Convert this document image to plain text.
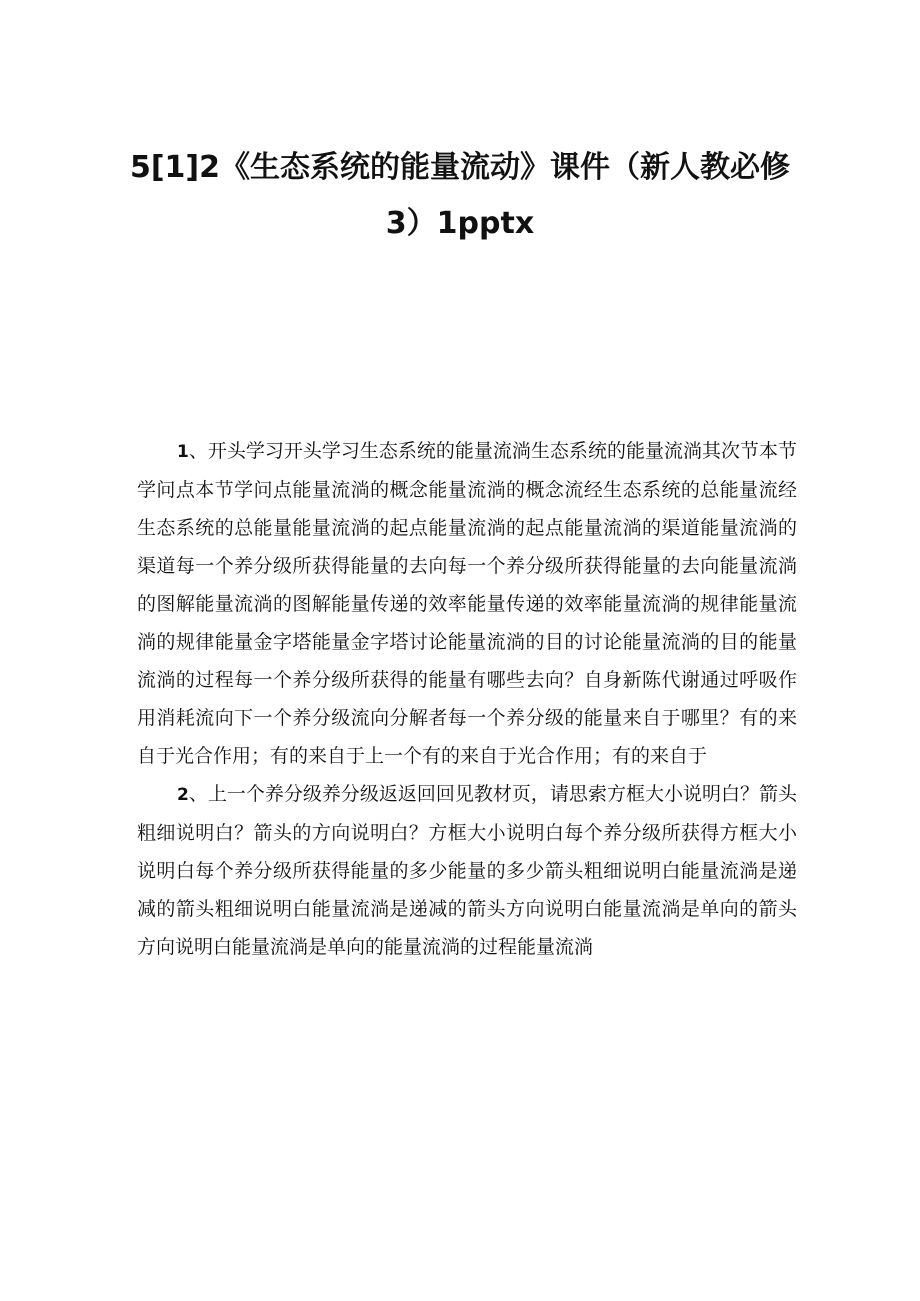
5[1]2《生态系统的能量流动》课件（新人教必修3）1pptx

1、开头学习开头学习生态系统的能量流淌生态系统的能量流淌其次节本节学问点本节学问点能量流淌的概念能量流淌的概念流经生态系统的总能量流经生态系统的总能量能量流淌的起点能量流淌的起点能量流淌的渠道能量流淌的渠道每一个养分级所获得能量的去向每一个养分级所获得能量的去向能量流淌的图解能量流淌的图解能量传递的效率能量传递的效率能量流淌的规律能量流淌的规律能量金字塔能量金字塔讨论能量流淌的目的讨论能量流淌的目的能量流淌的过程每一个养分级所获得的能量有哪些去向？自身新陈代谢通过呼吸作用消耗流向下一个养分级流向分解者每一个养分级的能量来自于哪里？有的来自于光合作用；有的来自于上一个有的来自于光合作用；有的来自于

2、上一个养分级养分级返返回回见教材页，请思索方框大小说明白？箭头粗细说明白？箭头的方向说明白？方框大小说明白每个养分级所获得方框大小说明白每个养分级所获得能量的多少能量的多少箭头粗细说明白能量流淌是递减的箭头粗细说明白能量流淌是递减的箭头方向说明白能量流淌是单向的箭头方向说明白能量流淌是单向的能量流淌的过程能量流淌
